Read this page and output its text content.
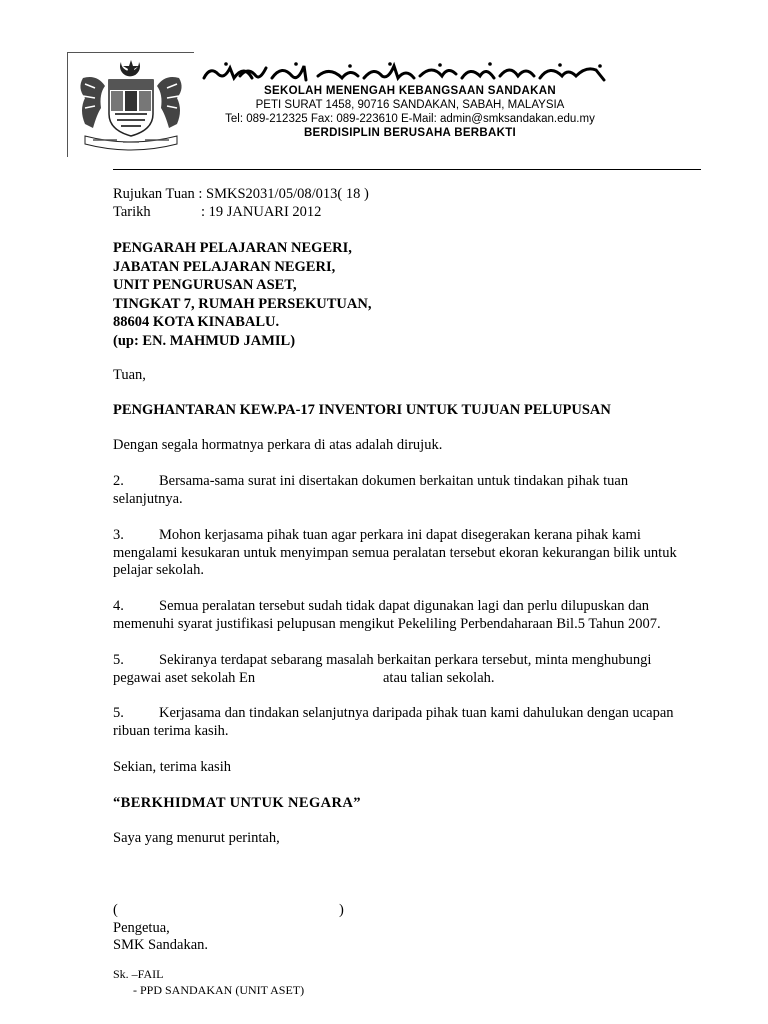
SEKOLAH MENENGAH KEBANGSAAN SANDAKAN
PETI SURAT 1458, 90716 SANDAKAN, SABAH, MALAYSIA
Tel: 089-212325 Fax: 089-223610 E-Mail: admin@smksandakan.edu.my
BERDISIPLIN BERUSAHA BERBAKTI
Rujukan Tuan : SMKS2031/05/08/013( 18 )
Tarikh	: 19 JANUARI 2012
PENGARAH PELAJARAN NEGERI,
JABATAN PELAJARAN NEGERI,
UNIT PENGURUSAN ASET,
TINGKAT 7, RUMAH PERSEKUTUAN,
88604 KOTA KINABALU.
(up: EN. MAHMUD JAMIL)
Tuan,
PENGHANTARAN KEW.PA-17 INVENTORI UNTUK TUJUAN PELUPUSAN
Dengan segala hormatnya perkara di atas adalah dirujuk.
2. Bersama-sama surat ini disertakan dokumen berkaitan untuk tindakan pihak tuan
selanjutnya.
3. Mohon kerjasama pihak tuan agar perkara ini dapat disegerakan kerana pihak kami
mengalami kesukaran untuk menyimpan semua peralatan tersebut ekoran kekurangan bilik untuk pelajar sekolah.
4. Semua peralatan tersebut sudah tidak dapat digunakan lagi dan perlu dilupuskan dan
memenuhi syarat justifikasi pelupusan mengikut Pekeliling Perbendaharaan Bil.5 Tahun 2007.
5. Sekiranya terdapat sebarang masalah berkaitan perkara tersebut, minta menghubungi
pegawai aset sekolah En	atau talian sekolah.
5. Kerjasama dan tindakan selanjutnya daripada pihak tuan kami dahulukan dengan ucapan
ribuan terima kasih.
Sekian, terima kasih
“BERKHIDMAT UNTUK NEGARA”
Saya yang menurut perintah,
(	)
Pengetua,
SMK Sandakan.
Sk. –FAIL
- PPD SANDAKAN (UNIT ASET)
